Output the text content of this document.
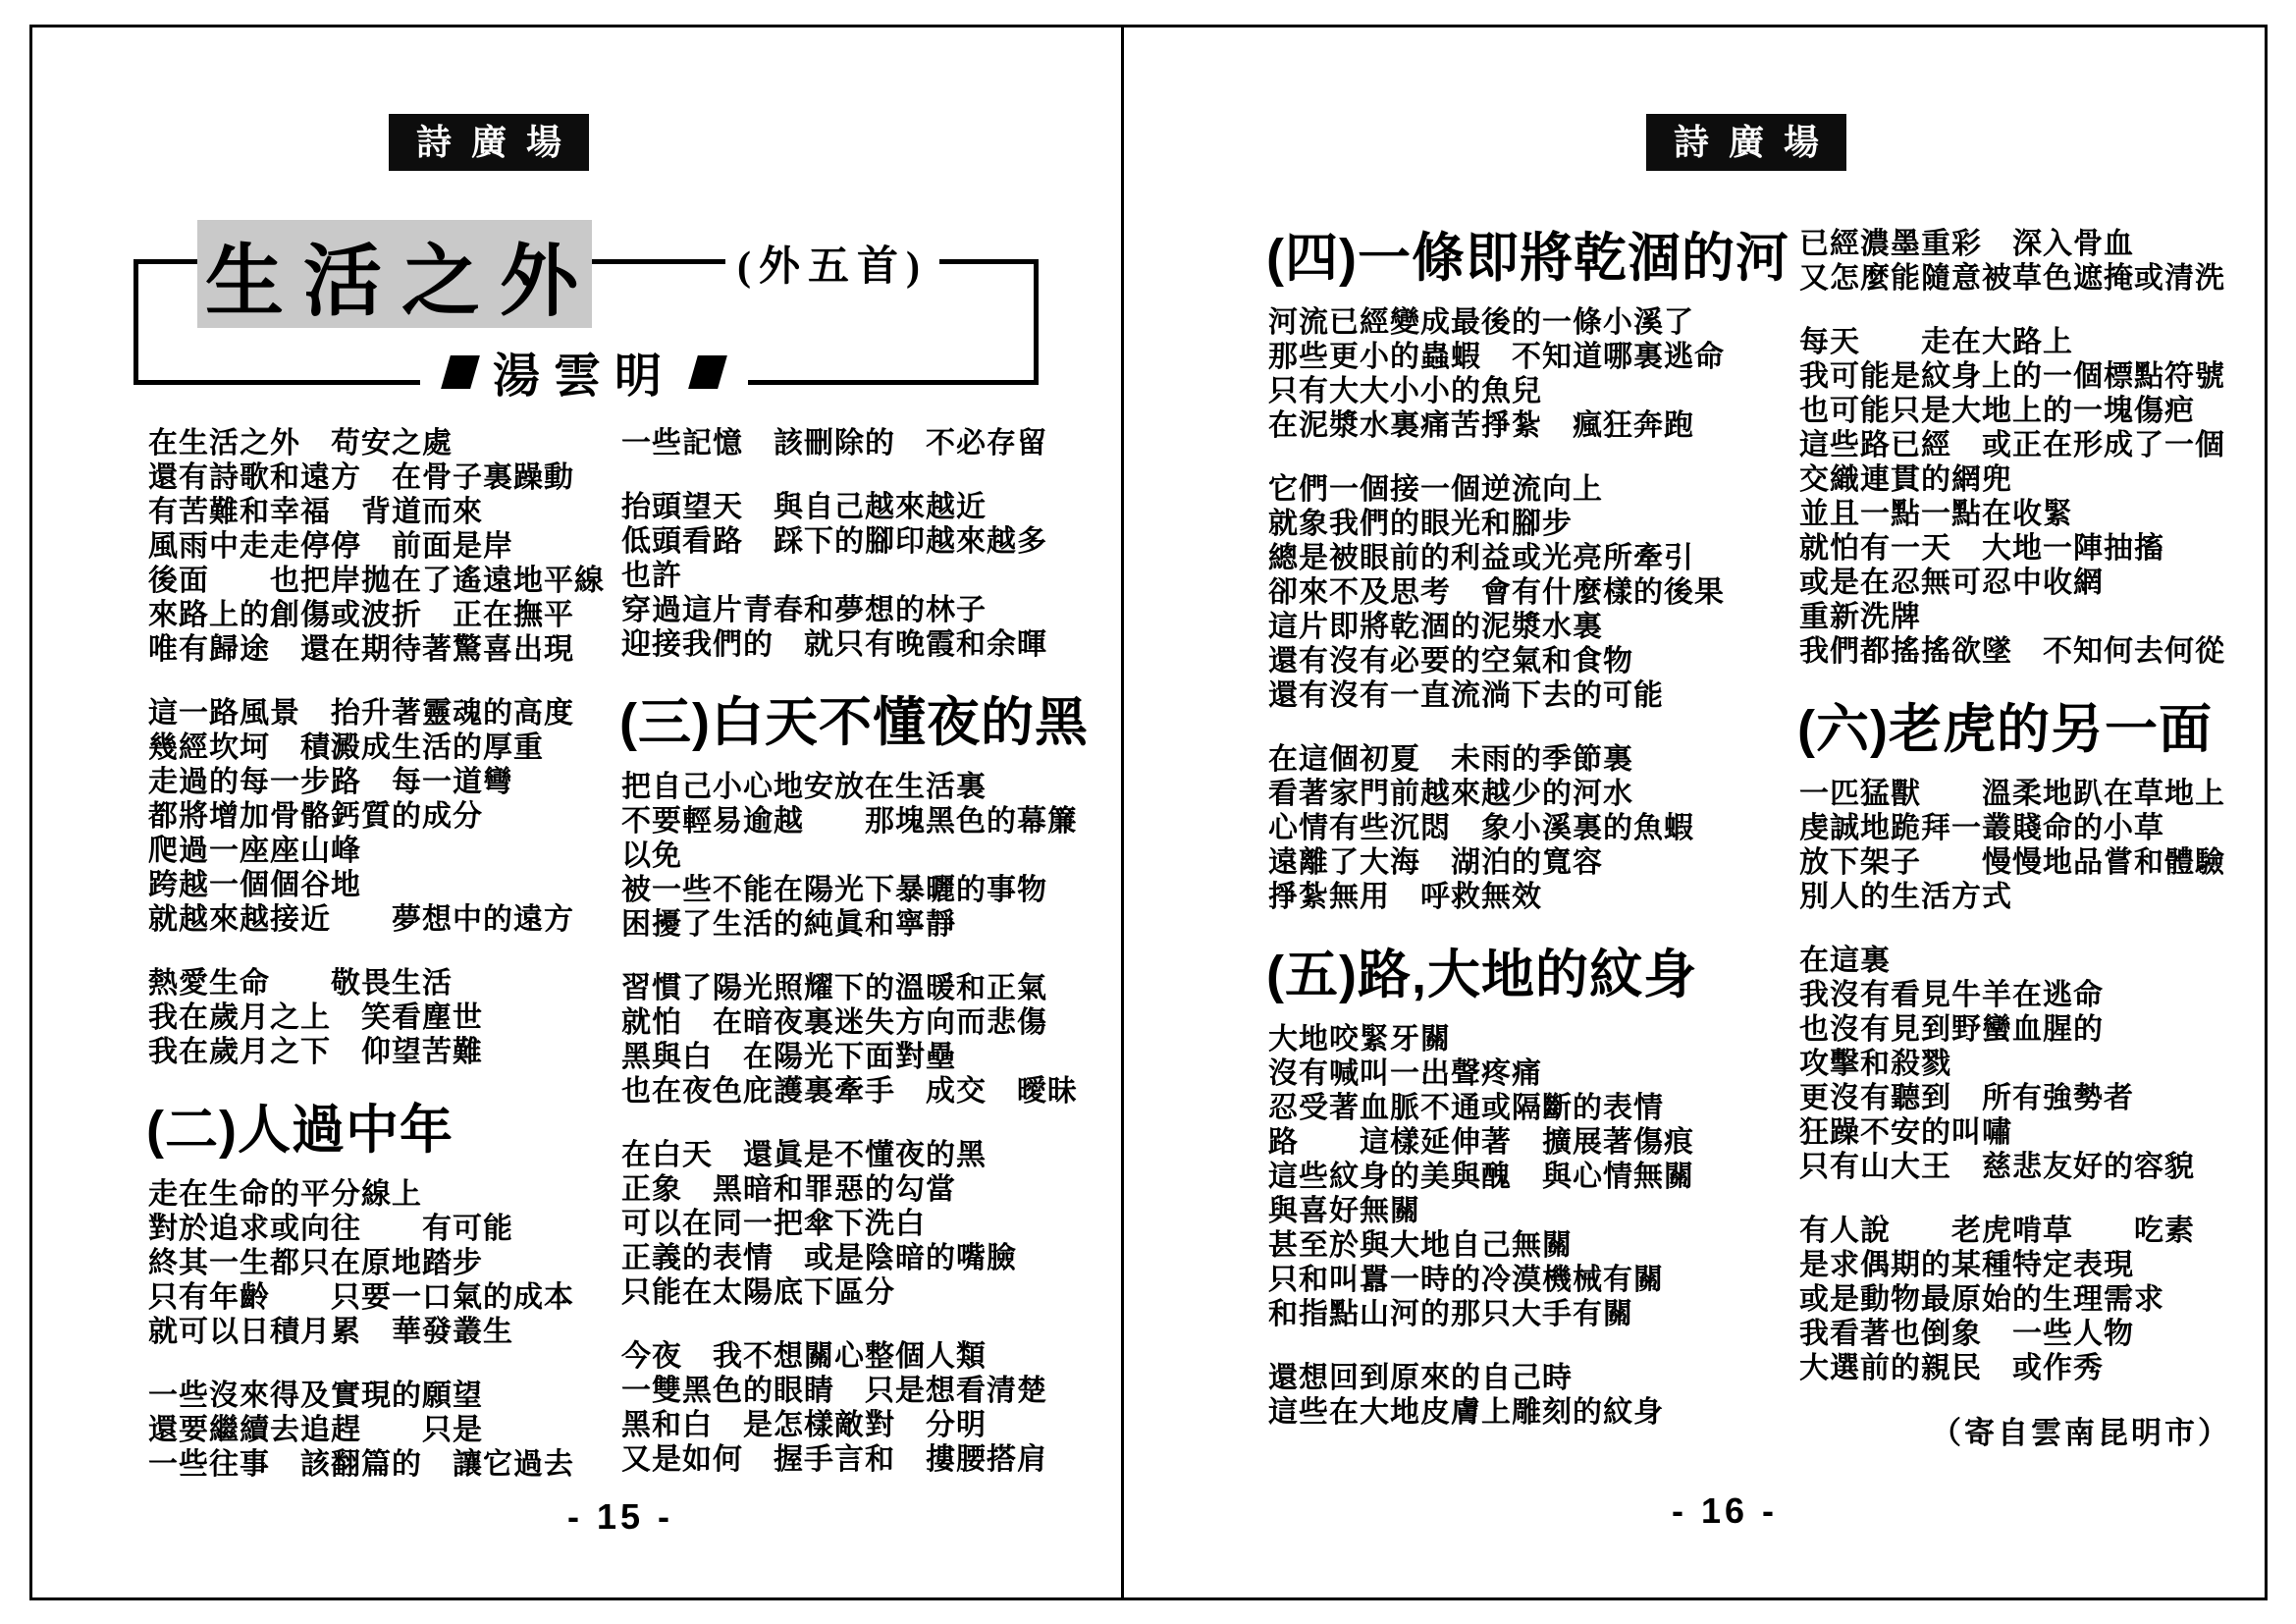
詩廣場
生活之外	(外五首)
湯雲明
在生活之外　苟安之處
還有詩歌和遠方　在骨子裏躁動
有苦難和幸福　背道而來
風雨中走走停停　前面是岸
後面　　也把岸拋在了遙遠地平線
來路上的創傷或波折　正在撫平
唯有歸途　還在期待著驚喜出現
這一路風景　抬升著靈魂的高度
幾經坎坷　積澱成生活的厚重
走過的每一步路　每一道彎
都將增加骨骼鈣質的成分
爬過一座座山峰
跨越一個個谷地
就越來越接近　　夢想中的遠方
熱愛生命　　敬畏生活
我在歲月之上　笑看塵世
我在歲月之下　仰望苦難
(二)人過中年
走在生命的平分線上
對於追求或向往　　有可能
終其一生都只在原地踏步
只有年齡　　只要一口氣的成本
就可以日積月累　華發叢生
一些沒來得及實現的願望
還要繼續去追趕　　只是
一些往事　該翻篇的　讓它過去
一些記憶　該刪除的　不必存留
抬頭望天　與自己越來越近
低頭看路　踩下的腳印越來越多
也許
穿過這片青春和夢想的林子
迎接我們的　就只有晚霞和余暉
(三)白天不懂夜的黑
把自己小心地安放在生活裏
不要輕易逾越　　那塊黑色的幕簾
以免
被一些不能在陽光下暴曬的事物
困擾了生活的純眞和寧靜
習慣了陽光照耀下的溫暖和正氣
就怕　在暗夜裏迷失方向而悲傷
黑與白　在陽光下面對壘
也在夜色庇護裏牽手　成交　曖昧
在白天　還眞是不懂夜的黑
正象　黑暗和罪惡的勾當
可以在同一把傘下洗白
正義的表情　或是陰暗的嘴臉
只能在太陽底下區分
今夜　我不想關心整個人類
一雙黑色的眼睛　只是想看清楚
黑和白　是怎樣敵對　分明
又是如何　握手言和　摟腰搭肩
- 15 -
詩廣場
(四)一條即將乾涸的河
河流已經變成最後的一條小溪了
那些更小的蟲蝦　不知道哪裏逃命
只有大大小小的魚兒
在泥漿水裏痛苦掙紮　瘋狂奔跑
它們一個接一個逆流向上
就象我們的眼光和腳步
總是被眼前的利益或光亮所牽引
卻來不及思考　會有什麼樣的後果
這片即將乾涸的泥漿水裏
還有沒有必要的空氣和食物
還有沒有一直流淌下去的可能
在這個初夏　未雨的季節裏
看著家門前越來越少的河水
心情有些沉悶　象小溪裏的魚蝦
遠離了大海　湖泊的寬容
掙紮無用　呼救無效
(五)路,大地的紋身
大地咬緊牙關
沒有喊叫一出聲疼痛
忍受著血脈不通或隔斷的表情
路　　這樣延伸著　擴展著傷痕
這些紋身的美與醜　與心情無關
與喜好無關
甚至於與大地自己無關
只和叫囂一時的冷漠機械有關
和指點山河的那只大手有關
還想回到原來的自己時
這些在大地皮膚上雕刻的紋身
已經濃墨重彩　深入骨血
又怎麼能隨意被草色遮掩或清洗
每天　　走在大路上
我可能是紋身上的一個標點符號
也可能只是大地上的一塊傷疤
這些路已經　或正在形成了一個
交織連貫的網兜
並且一點一點在收緊
就怕有一天　大地一陣抽搐
或是在忍無可忍中收網
重新洗牌
我們都搖搖欲墜　不知何去何從
(六)老虎的另一面
一匹猛獸　　溫柔地趴在草地上
虔誠地跪拜一叢賤命的小草
放下架子　　慢慢地品嘗和體驗
別人的生活方式
在這裏
我沒有看見牛羊在逃命
也沒有見到野蠻血腥的
攻擊和殺戮
更沒有聽到　所有強勢者
狂躁不安的叫嘯
只有山大王　慈悲友好的容貌
有人說　　老虎啃草　　吃素
是求偶期的某種特定表現
或是動物最原始的生理需求
我看著也倒象　一些人物
大選前的親民　或作秀
（寄自雲南昆明市）
- 16 -
